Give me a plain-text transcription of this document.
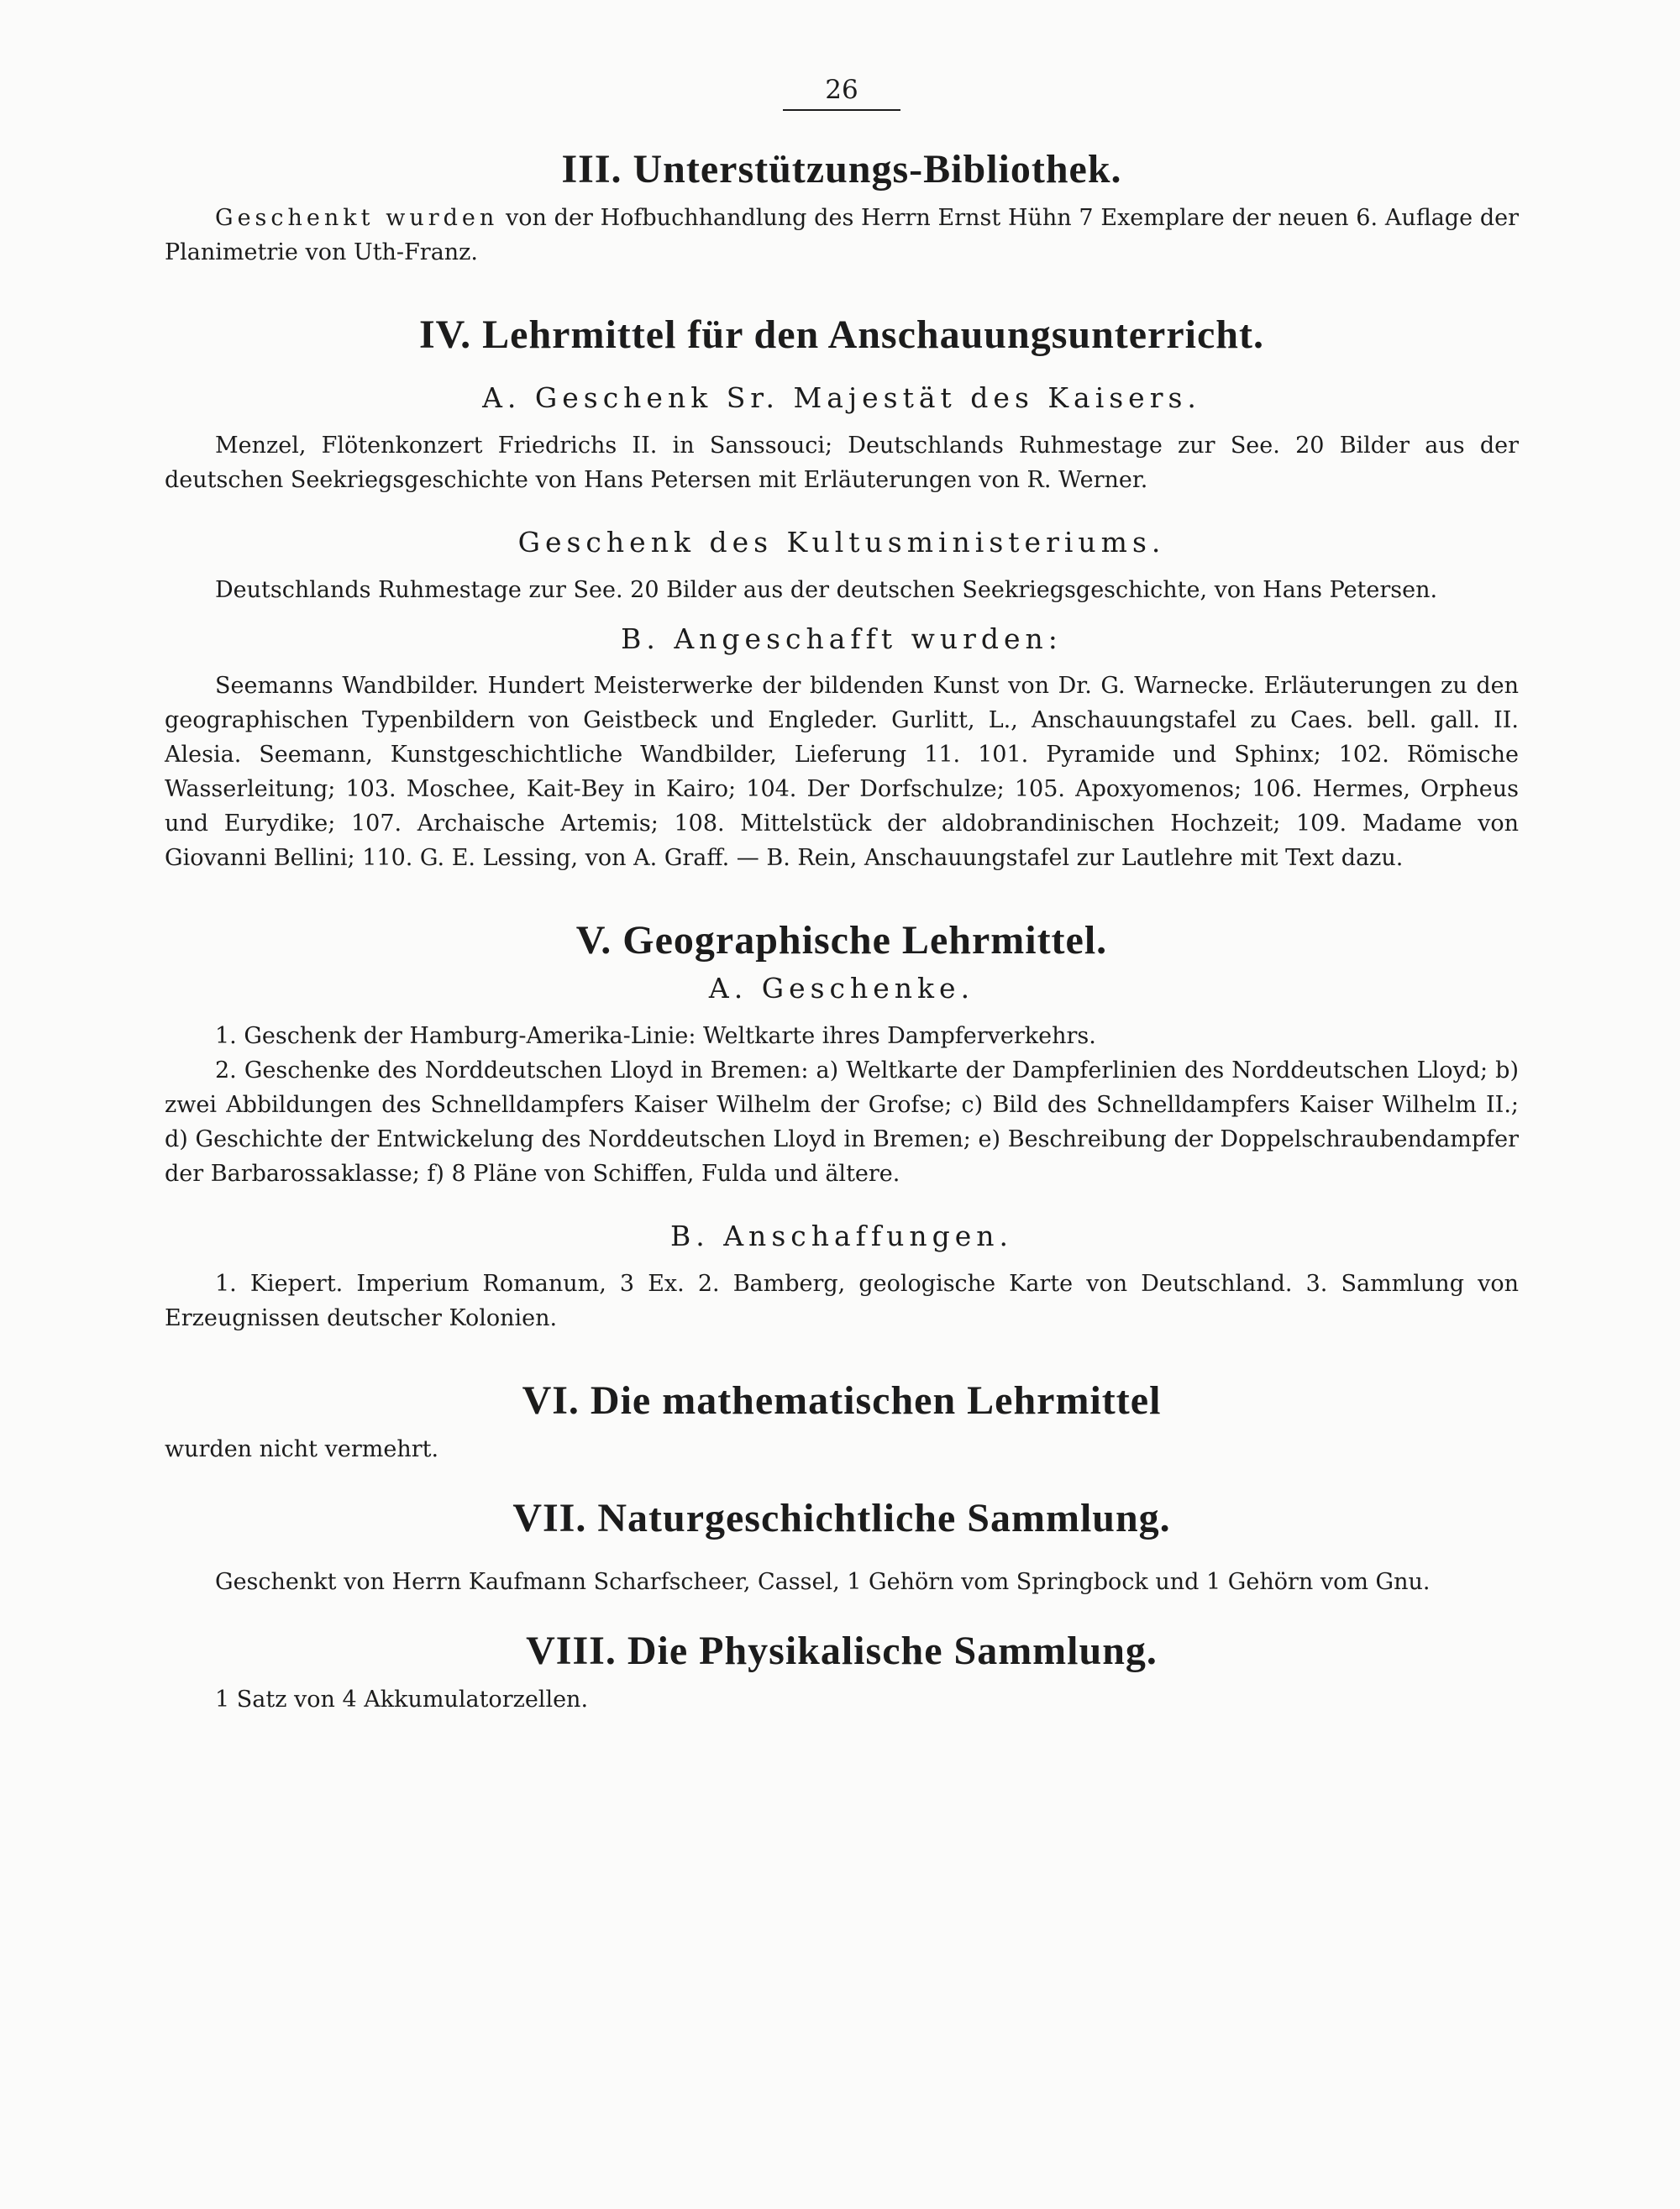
26
III. Unterstützungs-Bibliothek.

Geschenkt wurden von der Hofbuchhandlung des Herrn Ernst Hühn 7 Exemplare der neuen 6. Auflage der Planimetrie von Uth-Franz.

IV. Lehrmittel für den Anschauungsunterricht.
A. Geschenk Sr. Majestät des Kaisers.

Menzel, Flötenkonzert Friedrichs II. in Sanssouci; Deutschlands Ruhmestage zur See. 20 Bilder aus der deutschen Seekriegsgeschichte von Hans Petersen mit Erläuterungen von R. Werner.

Geschenk des Kultusministeriums.

Deutschlands Ruhmestage zur See. 20 Bilder aus der deutschen Seekriegsgeschichte, von Hans Petersen.

B. Angeschafft wurden:

Seemanns Wandbilder. Hundert Meisterwerke der bildenden Kunst von Dr. G. Warnecke. Erläuterungen zu den geographischen Typenbildern von Geistbeck und Engleder. Gurlitt, L., Anschauungstafel zu Caes. bell. gall. II. Alesia. Seemann, Kunstgeschichtliche Wandbilder, Lieferung 11. 101. Pyramide und Sphinx; 102. Römische Wasserleitung; 103. Moschee, Kait-Bey in Kairo; 104. Der Dorfschulze; 105. Apoxyomenos; 106. Hermes, Orpheus und Eurydike; 107. Archaische Artemis; 108. Mittelstück der aldobrandinischen Hochzeit; 109. Madame von Giovanni Bellini; 110. G. E. Lessing, von A. Graff. — B. Rein, Anschauungstafel zur Lautlehre mit Text dazu.

V. Geographische Lehrmittel.
A. Geschenke.

1. Geschenk der Hamburg-Amerika-Linie: Weltkarte ihres Dampferverkehrs.

2. Geschenke des Norddeutschen Lloyd in Bremen: a) Weltkarte der Dampferlinien des Norddeutschen Lloyd; b) zwei Abbildungen des Schnelldampfers Kaiser Wilhelm der Grofse; c) Bild des Schnelldampfers Kaiser Wilhelm II.; d) Geschichte der Entwickelung des Norddeutschen Lloyd in Bremen; e) Beschreibung der Doppelschraubendampfer der Barbarossaklasse; f) 8 Pläne von Schiffen, Fulda und ältere.

B. Anschaffungen.

1. Kiepert. Imperium Romanum, 3 Ex. 2. Bamberg, geologische Karte von Deutschland. 3. Sammlung von Erzeugnissen deutscher Kolonien.

VI. Die mathematischen Lehrmittel

wurden nicht vermehrt.

VII. Naturgeschichtliche Sammlung.

Geschenkt von Herrn Kaufmann Scharfscheer, Cassel, 1 Gehörn vom Springbock und 1 Gehörn vom Gnu.

VIII. Die Physikalische Sammlung.

1 Satz von 4 Akkumulatorzellen.
